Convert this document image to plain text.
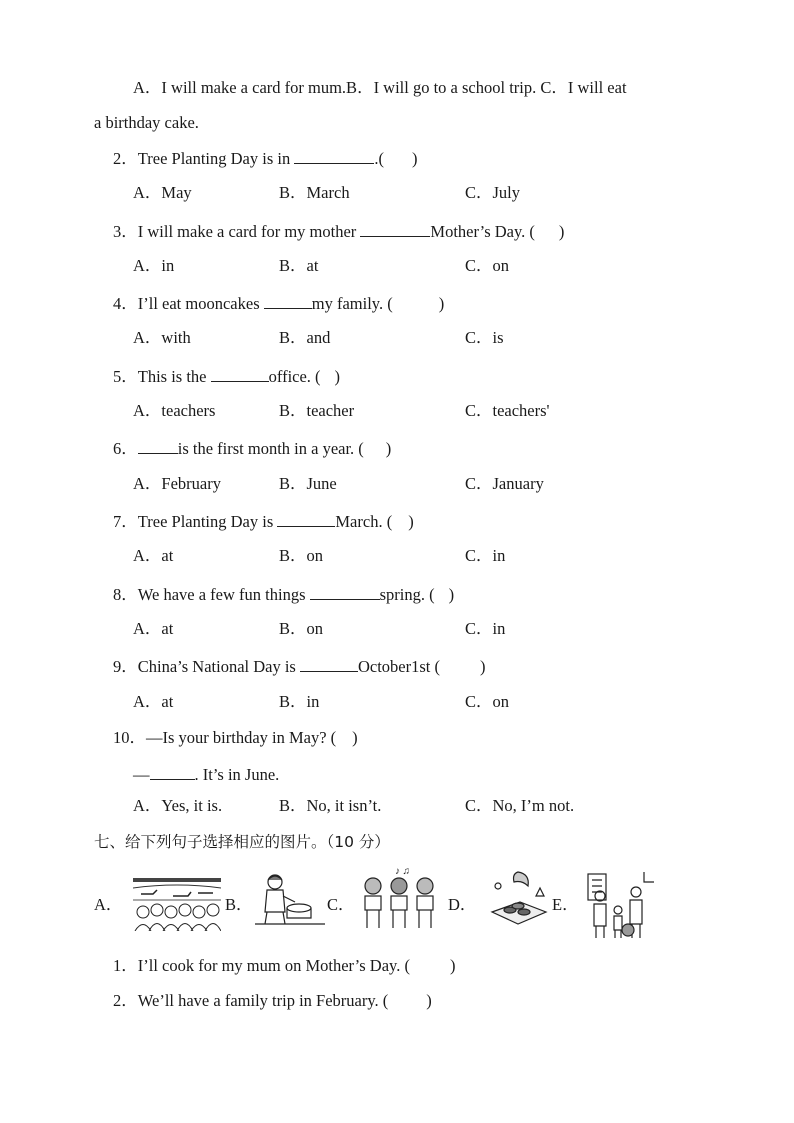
A．I will make a card for mum.B．I will go to a school trip. C．I will eat
a birthday cake.
2．Tree Planting Day is in	.( )
A．May	B．March	C．July
3．I will make a card for my mother	Mother’s Day. ( )
A．in	B．at	C．on
4．I’ll eat mooncakes	my family. (	)
A．with	B．and	C．is
5．This is the	office. ( )
A．teachers	B．teacher	C．teachers'
6． is the first month in a year. ( )
A．February	B．June	C．January
7．Tree Planting Day is	March. ( )
A．at	B．on	C．in
8．We have a few fun things	spring. ( )
A．at	B．on	C．in
9．China’s National Day is	October1st ( )
A．at	B．in	C．on
10．—Is your birthday in May? ( )
—	. It’s in June.
A．Yes, it is.	B．No, it isn’t.	C．No, I’m not.
七、给下列句子选择相应的图片。（10 分）
A．	B．	C．	D．	E．
♪ ♫
1．I’ll cook for my mum on Mother’s Day. ( )
2．We’ll have a family trip in February. ( )
